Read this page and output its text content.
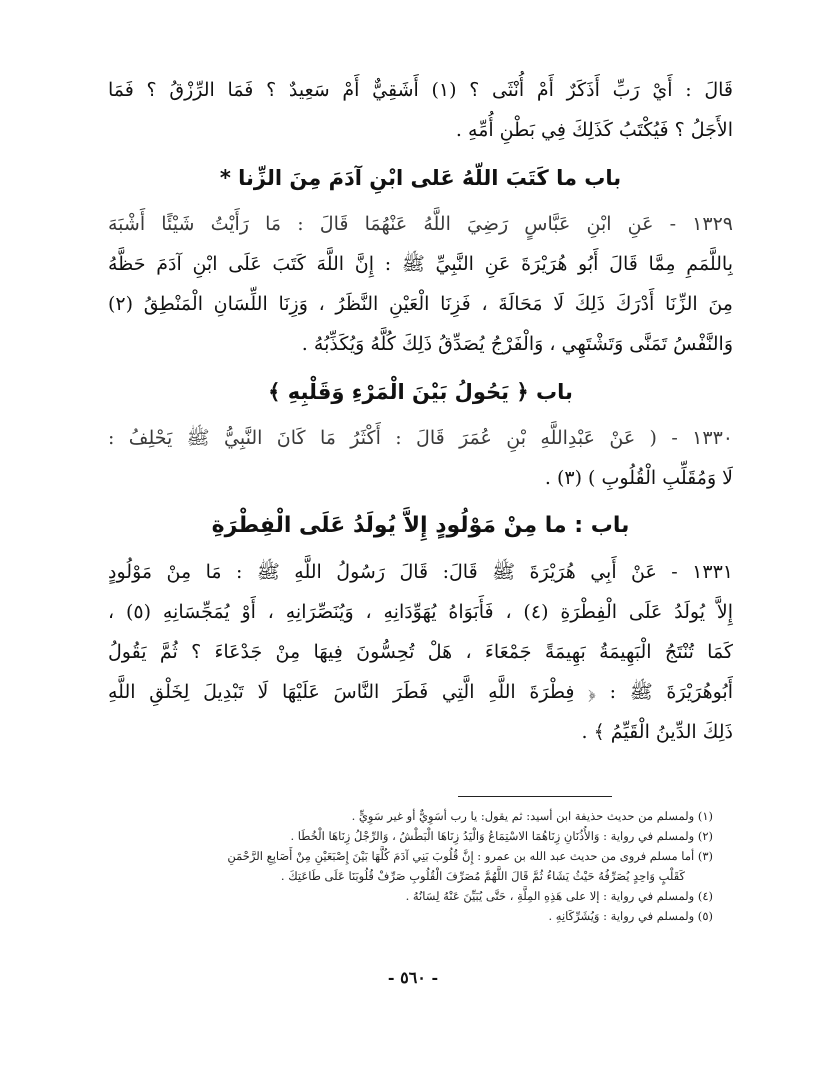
قَالَ : أَيْ رَبِّ أَذَكَرٌ أَمْ أُنْثَى ؟ (١) أَشَقِيٌّ أَمْ سَعِيدٌ ؟ فَمَا الرِّزْقُ ؟ فَمَا
الأَجَلُ ؟ فَيُكْتَبُ كَذَلِكَ فِي بَطْنِ أُمِّهِ .
باب ما كَتَبَ اللّهُ عَلى ابْنِ آدَمَ مِنَ الزِّنا *
١٣٢٩ - عَنِ ابْنِ عَبَّاسٍ رَضِيَ اللَّهُ عَنْهُمَا قَالَ : مَا رَأَيْتُ شَيْئًا أَشْبَهَ
بِاللَّمَمِ مِمَّا قَالَ أَبُو هُرَيْرَةَ عَنِ النَّبِيِّ ﷺ : إِنَّ اللَّهَ كَتَبَ عَلَى ابْنِ آدَمَ حَظَّهُ
مِنَ الزِّنَا أَدْرَكَ ذَلِكَ لَا مَحَالَةَ ، فَزِنَا الْعَيْنِ النَّظَرُ ، وَزِنَا اللِّسَانِ الْمَنْطِقُ (٢)
وَالنَّفْسُ تَمَنَّى وَتَشْتَهِي ، وَالْفَرْجُ يُصَدِّقُ ذَلِكَ كُلَّهُ وَيُكَذِّبُهُ .
باب ﴿ يَحُولُ بَيْنَ الْمَرْءِ وَقَلْبِهِ ﴾
١٣٣٠ - ( عَنْ عَبْدِاللَّهِ بْنِ عُمَرَ قَالَ : أَكْثَرُ مَا كَانَ النَّبِيُّ ﷺ يَحْلِفُ :
لَا وَمُقَلِّبِ الْقُلُوبِ ) (٣) .
باب : ما مِنْ مَوْلُودٍ إِلاَّ يُولَدُ عَلَى الْفِطْرَةِ
١٣٣١ - عَنْ أَبِي هُرَيْرَةَ ﷺ قَالَ: قَالَ رَسُولُ اللَّهِ ﷺ : مَا مِنْ مَوْلُودٍ
إِلاَّ يُولَدُ عَلَى الْفِطْرَةِ (٤) ، فَأَبَوَاهُ يُهَوِّدَانِهِ ، وَيُنَصِّرَانِهِ ، أَوْ يُمَجِّسَانِهِ (٥) ،
كَمَا تُنْتَجُ الْبَهِيمَةُ بَهِيمَةً جَمْعَاءَ ، هَلْ تُحِسُّونَ فِيهَا مِنْ جَدْعَاءَ ؟ ثُمَّ يَقُولُ
أَبُوهُرَيْرَةَ ﷺ : ﴿ فِطْرَةَ اللَّهِ الَّتِي فَطَرَ النَّاسَ عَلَيْهَا لَا تَبْدِيلَ لِخَلْقِ اللَّهِ
ذَلِكَ الدِّينُ الْقَيِّمُ ﴾ .
(١) ولمسلم من حديث حذيفة ابن أسيد: ثم يقول: يا رب أسَوِيٌّ أو غير سَوِيٍّ .
(٢) ولمسلم في رواية : وَالأُذُنَانِ زِنَاهُمَا الاسْتِمَاعُ وَالْيَدُ زِنَاهَا الْبَطْشُ ، وَالرِّجْلُ زِنَاهَا الْخُطَا .
(٣) أما مسلم فروى من حديث عبد الله بن عمرو : إِنَّ قُلُوبَ بَنِي آدَمَ كُلَّهَا بَيْنَ إِصْبَعَيْنِ مِنْ أَصَابِعِ الرَّحْمَنِ
كَقَلْبٍ وَاحِدٍ يُصَرِّفُهُ حَيْثُ يَشَاءُ ثُمَّ قَالَ اللَّهُمَّ مُصَرِّفَ الْقُلُوبِ صَرِّفْ قُلُوبَنَا عَلَى طَاعَتِكَ .
(٤) ولمسلم في رواية : إلا على هَذِهِ المِلَّةِ ، حَتَّى يُبَيِّنَ عَنْهُ لِسَانُهُ .
(٥) ولمسلم في رواية : وَيُشَرِّكَانِهِ .
- ٥٦٠ -
